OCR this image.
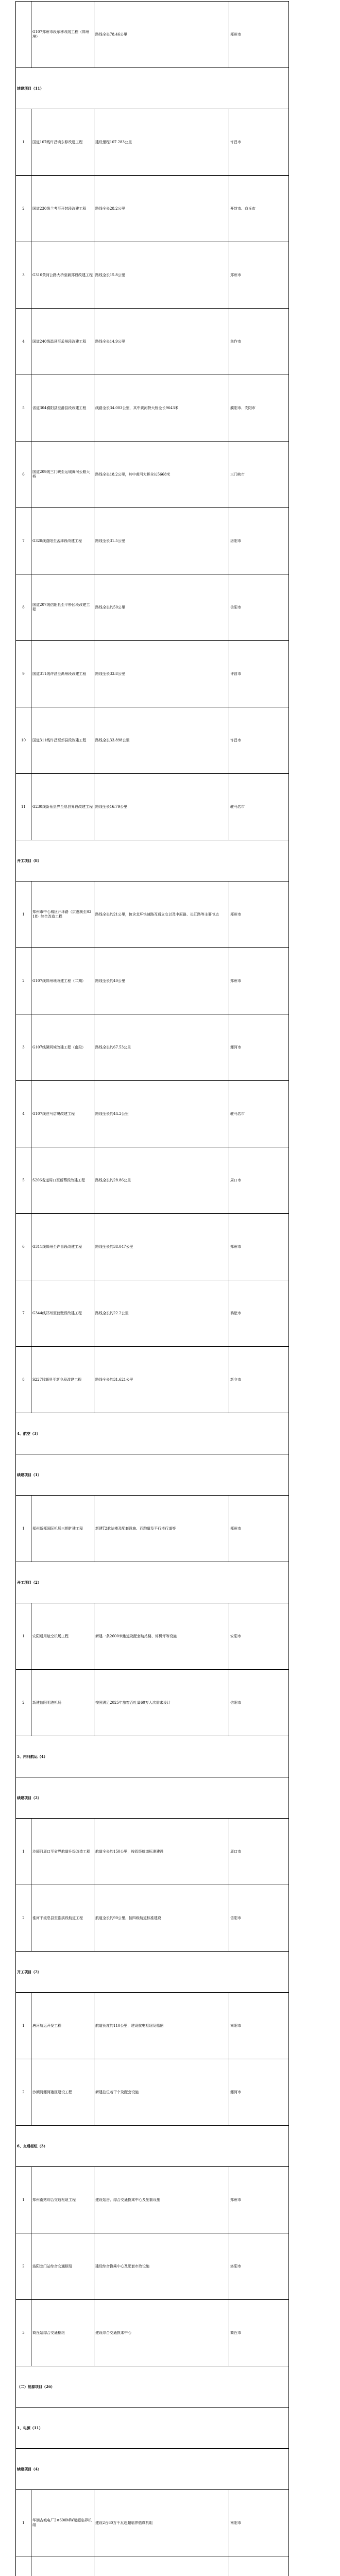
	G107郑州市段东移改线工程（郑州境）	路线全长78.46公里	郑州市
续建项目（11）			
1	国道107线许昌境东移改建工程	建设里程107.283公里	许昌市
2	国道230线兰考至开封段改建工程	路线全长28.2公里	开封市、商丘市
3	G310黄河公路大桥至新郑段改建工程	路线全长15.8公里	郑州市
4	国道240线温县至孟州段改建工程	路线全长14.9公里	焦作市
5	省道304濮阳县至滑县段改建工程	线路全长34.003公里，其中黄河特大桥全长9643米	濮阳市、安阳市
6	国道209线三门峡至运城黄河公路大桥	路线全长18.2公里，其中黄河大桥全长5668米	三门峡市
7	G328线洛阳至孟津段改建工程	路线全长31.5公里	洛阳市
8	国道207线信阳县至平桥区段改建工程	路线全长约50公里	信阳市
9	国道311线许昌至禹州段改建工程	路线全长33.8公里	许昌市
10	国道311线许昌至郏县段改建工程	路线全长33.898公里	许昌市
11	G230线新蔡县界至息县界段改建工程	路线全长16.79公里	驻马店市
开工项目（8）			
1	郑州市中心城区开环路（京港澳至S318）综合改造工程	路线全长约21公里，包含北环快速路互通立交以及中原路、长江路等主要节点	郑州市
2	G107线郑州境改建工程（二期）	路线全长约40公里	郑州市
3	G107线漯河境改建工程（南段）	路线全长约67.53公里	漯河市
4	G107线驻马店境改建工程	路线全长约44.2公里	驻马店市
5	S206省道周口至新蔡段改建工程	路线全长约28.86公里	周口市
6	G311线郑州至许昌段改建工程	路线全长约38.047公里	郑州市
7	G344线郑州至鹤壁段改建工程	路线全长约22.2公里	鹤壁市
8	S227线辉县至新乡段改建工程	路线全长约31.621公里	新乡市
4、航空（3）			
续建项目（1）			
1	郑州新郑国际机场三期扩建工程	新建T2航站楼及配套设施、西跑道及平行滑行道等	郑州市
开工项目（2）			
1	安阳通用航空机场工程	新建一条2600米跑道及配套航站楼、停机坪等设施	安阳市
2	新建信阳明港机场	按照满足2025年旅客吞吐量60万人次需求设计	信阳市
5、内河航运（4）			
续建项目（2）			
1	沙颍河周口至省界航道升级改造工程	航道全长约150公里，按四级航道标准建设	周口市
2	淮河干流息县至淮滨段航道工程	航道全长约90公里，按四级航道标准建设	信阳市
开工项目（2）			
1	唐河航运开发工程	航道长度约110公里，建设航电枢纽及船闸	南阳市
2	沙颍河漯河港区建设工程	新建泊位若干个及配套设施	漯河市
6、交通枢纽（3）			
1	郑州南站综合交通枢纽工程	建设站房、综合交通换乘中心及配套设施	郑州市
2	洛阳龙门站综合交通枢纽	建设综合换乘中心及配套市政设施	洛阳市
3	商丘站综合交通枢纽	建设综合交通换乘中心	商丘市
（二）能源项目（26）			
1、电源（11）			
续建项目（4）			
1	华润古城电厂2×600MW超超临界机组	建设2台60万千瓦超超临界燃煤机组	南阳市
